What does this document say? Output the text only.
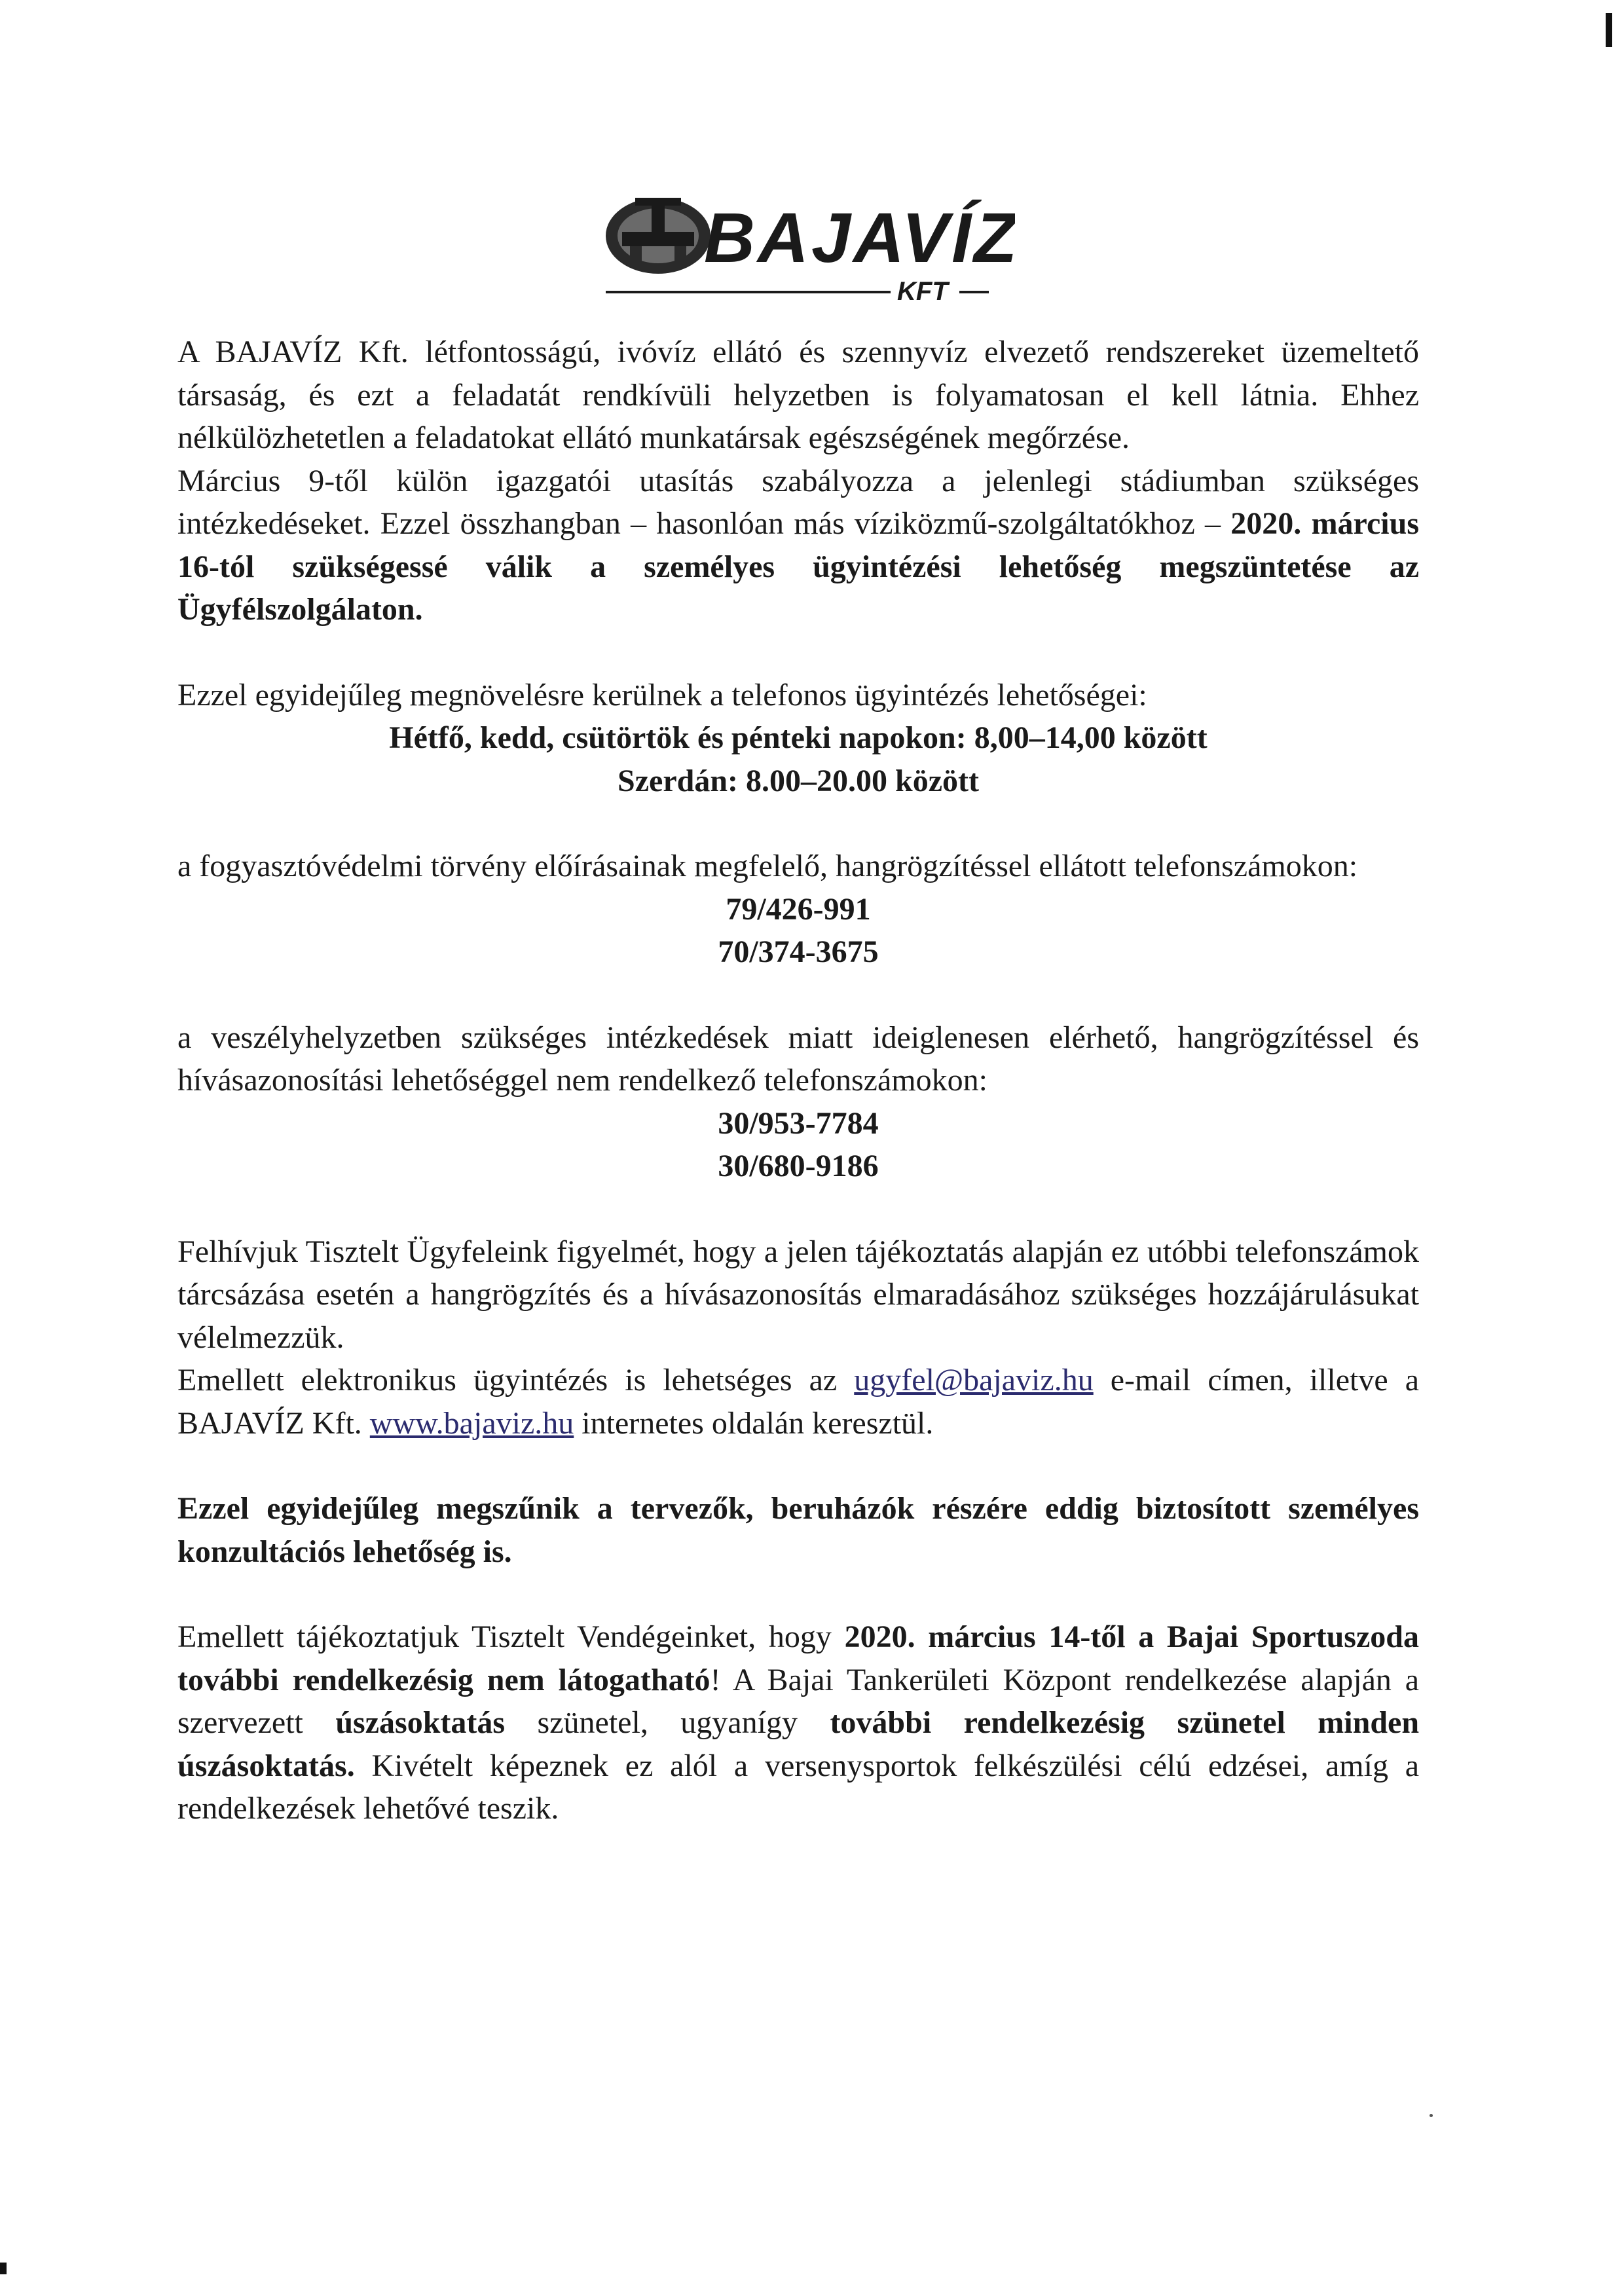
BAJAVÍZ
KFT

A BAJAVÍZ Kft. létfontosságú, ivóvíz ellátó és szennyvíz elvezető rendszereket üzemeltető társaság, és ezt a feladatát rendkívüli helyzetben is folyamatosan el kell látnia. Ehhez nélkülözhetetlen a feladatokat ellátó munkatársak egészségének megőrzése.

Március 9-től külön igazgatói utasítás szabályozza a jelenlegi stádiumban szükséges intézkedéseket. Ezzel összhangban – hasonlóan más víziközmű-szolgáltatókhoz – 2020. március 16-tól szükségessé válik a személyes ügyintézési lehetőség megszüntetése az Ügyfélszolgálaton.

Ezzel egyidejűleg megnövelésre kerülnek a telefonos ügyintézés lehetőségei:

Hétfő, kedd, csütörtök és pénteki napokon: 8,00–14,00 között

Szerdán: 8.00–20.00 között

a fogyasztóvédelmi törvény előírásainak megfelelő, hangrögzítéssel ellátott telefonszámokon:

79/426-991

70/374-3675

a veszélyhelyzetben szükséges intézkedések miatt ideiglenesen elérhető, hangrögzítéssel és hívásazonosítási lehetőséggel nem rendelkező telefonszámokon:

30/953-7784

30/680-9186

Felhívjuk Tisztelt Ügyfeleink figyelmét, hogy a jelen tájékoztatás alapján ez utóbbi telefonszámok tárcsázása esetén a hangrögzítés és a hívásazonosítás elmaradásához szükséges hozzájárulásukat vélelmezzük.

Emellett elektronikus ügyintézés is lehetséges az ugyfel@bajaviz.hu e-mail címen, illetve a BAJAVÍZ Kft. www.bajaviz.hu internetes oldalán keresztül.

Ezzel egyidejűleg megszűnik a tervezők, beruházók részére eddig biztosított személyes konzultációs lehetőség is.

Emellett tájékoztatjuk Tisztelt Vendégeinket, hogy 2020. március 14-től a Bajai Sportuszoda további rendelkezésig nem látogatható! A Bajai Tankerületi Központ rendelkezése alapján a szervezett úszásoktatás szünetel, ugyanígy további rendelkezésig szünetel minden úszásoktatás. Kivételt képeznek ez alól a versenysportok felkészülési célú edzései, amíg a rendelkezések lehetővé teszik.
